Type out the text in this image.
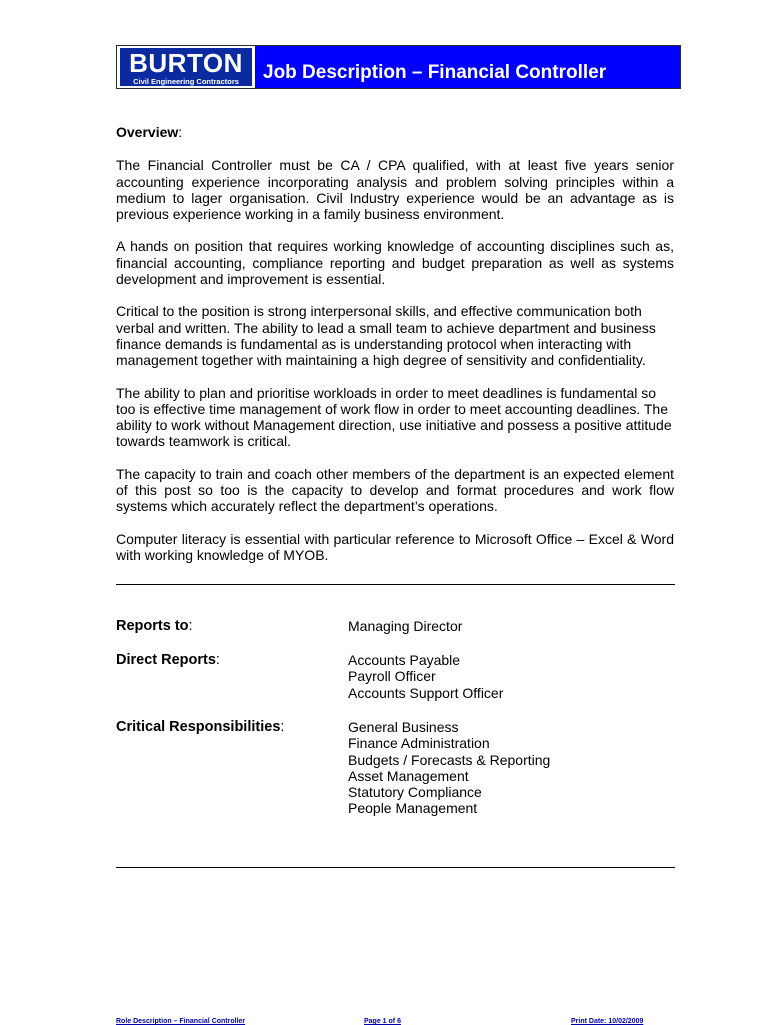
BURTON
Civil Engineering Contractors	Job Description – Financial Controller
Overview:

The Financial Controller must be CA / CPA qualified, with at least five years senior accounting experience incorporating analysis and problem solving principles within a medium to lager organisation. Civil Industry experience would be an advantage as is previous experience working in a family business environment.

A hands on position that requires working knowledge of accounting disciplines such as, financial accounting, compliance reporting and budget preparation as well as systems development and improvement is essential.

Critical to the position is strong interpersonal skills, and effective communication both verbal and written. The ability to lead a small team to achieve department and business finance demands is fundamental as is understanding protocol when interacting with management together with maintaining a high degree of sensitivity and confidentiality.

The ability to plan and prioritise workloads in order to meet deadlines is fundamental so too is effective time management of work flow in order to meet accounting deadlines. The ability to work without Management direction, use initiative and possess a positive attitude towards teamwork is critical.

The capacity to train and coach other members of the department is an expected element of this post so too is the capacity to develop and format procedures and work flow systems which accurately reflect the department’s operations.

Computer literacy is essential with particular reference to Microsoft Office – Excel & Word with working knowledge of MYOB.

Reports to:	Managing Director
Direct Reports:	Accounts Payable
Payroll Officer
Accounts Support Officer
Critical Responsibilities:	General Business
Finance Administration
Budgets / Forecasts & Reporting
Asset Management
Statutory Compliance
People Management
Role Description – Financial Controller	Page 1 of 6	Print Date: 10/02/2009
